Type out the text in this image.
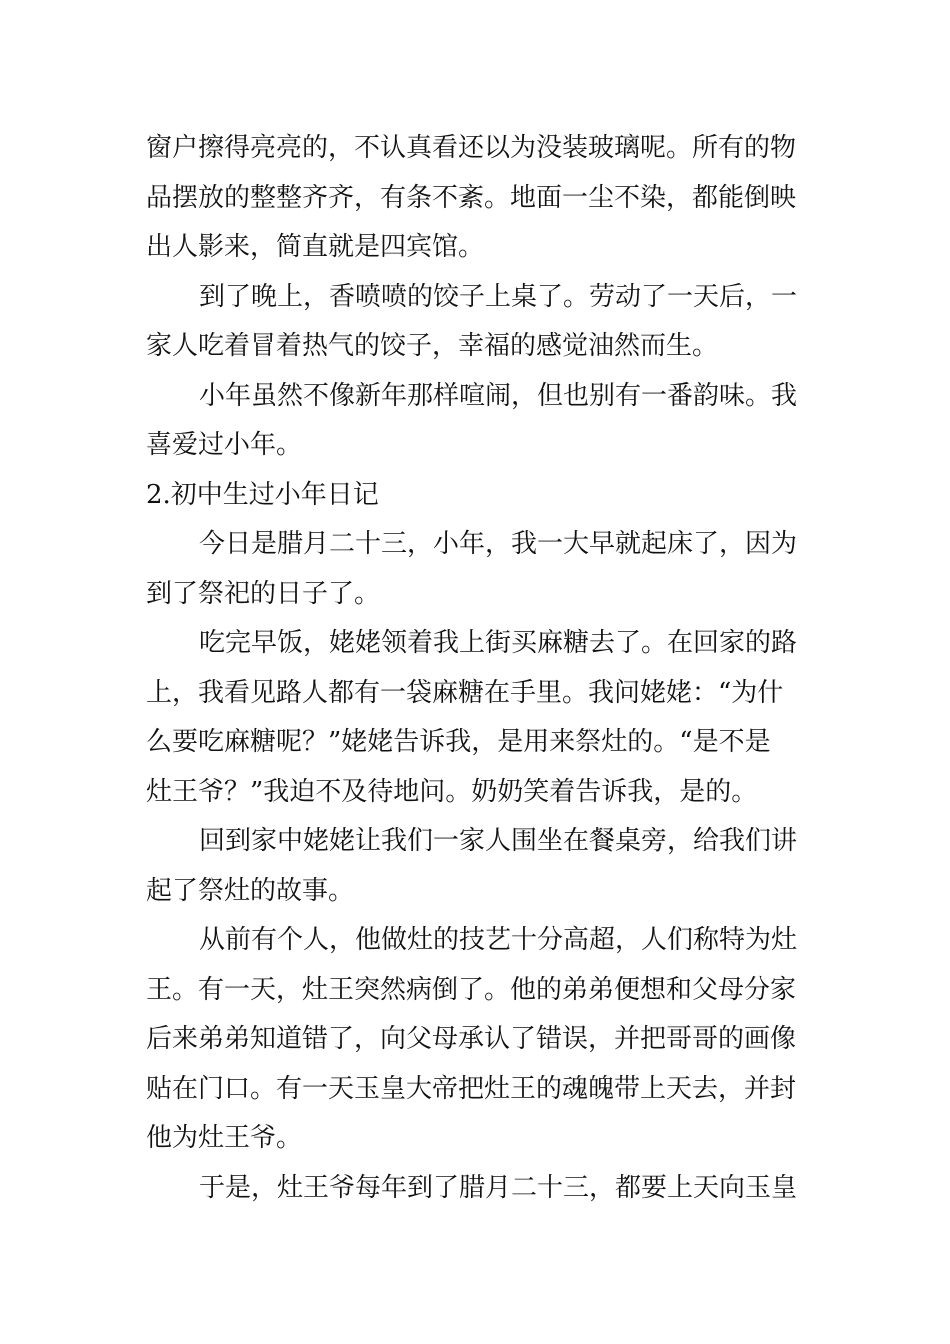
窗户擦得亮亮的，不认真看还以为没装玻璃呢。所有的物
品摆放的整整齐齐，有条不紊。地面一尘不染，都能倒映
出人影来，简直就是四宾馆。
到了晚上，香喷喷的饺子上桌了。劳动了一天后，一
家人吃着冒着热气的饺子，幸福的感觉油然而生。
小年虽然不像新年那样喧闹，但也别有一番韵味。我
喜爱过小年。
2.初中生过小年日记
今日是腊月二十三，小年，我一大早就起床了，因为
到了祭祀的日子了。
吃完早饭，姥姥领着我上街买麻糖去了。在回家的路
上，我看见路人都有一袋麻糖在手里。我问姥姥：“为什
么要吃麻糖呢？”姥姥告诉我，是用来祭灶的。“是不是
灶王爷？”我迫不及待地问。奶奶笑着告诉我，是的。
回到家中姥姥让我们一家人围坐在餐桌旁，给我们讲
起了祭灶的故事。
从前有个人，他做灶的技艺十分高超，人们称特为灶
王。有一天，灶王突然病倒了。他的弟弟便想和父母分家
后来弟弟知道错了，向父母承认了错误，并把哥哥的画像
贴在门口。有一天玉皇大帝把灶王的魂魄带上天去，并封
他为灶王爷。
于是，灶王爷每年到了腊月二十三，都要上天向玉皇
